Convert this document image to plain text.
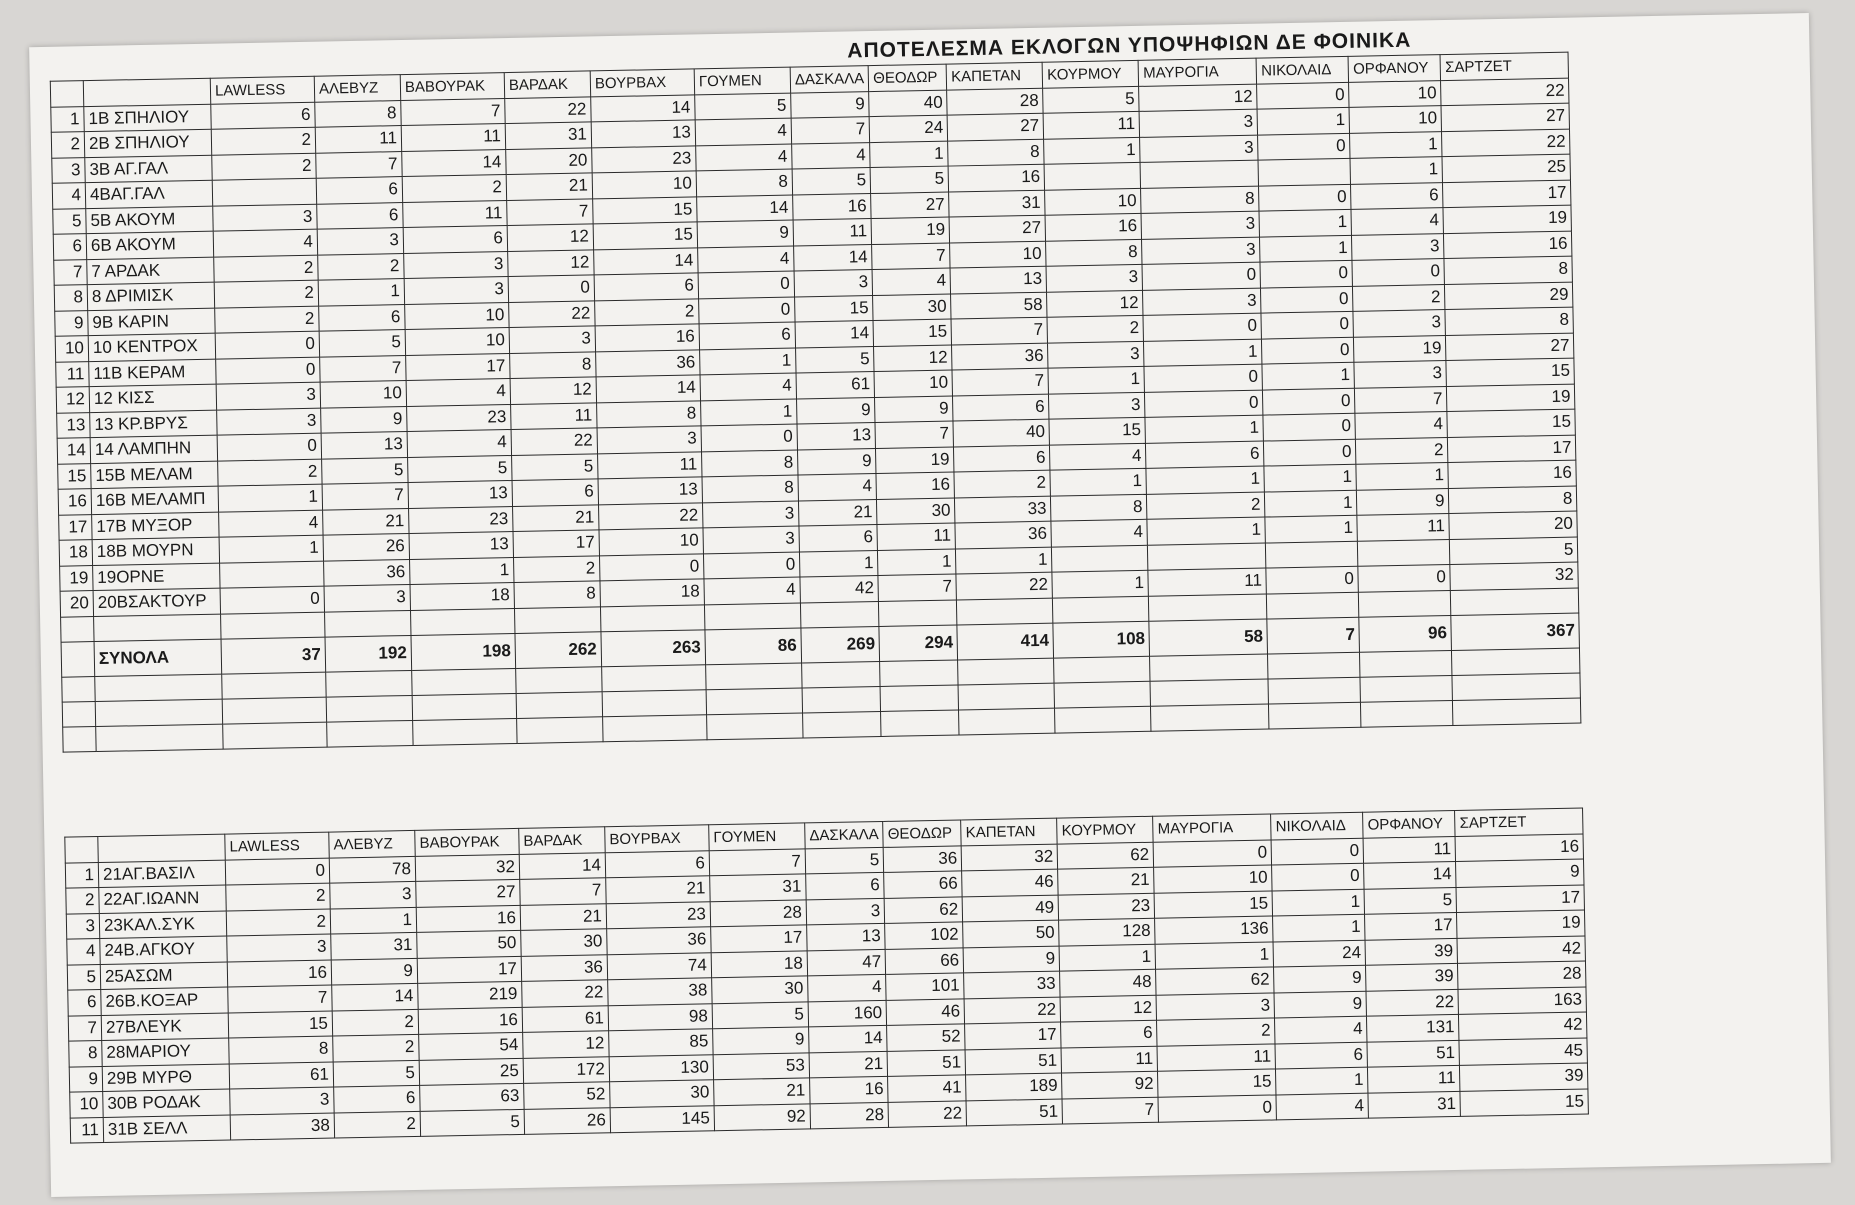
ΑΠΟΤΕΛΕΣΜΑ ΕΚΛΟΓΩΝ ΥΠΟΨΗΦΙΩΝ ΔΕ ΦΟΙΝΙΚΑ
		LAWLESS	ΑΛΕΒΥΖ	ΒΑΒΟΥΡΑΚ	ΒΑΡΔΑΚ	ΒΟΥΡΒΑΧ	ΓΟΥΜΕΝ	ΔΑΣΚΑΛΑ	ΘΕΟΔΩΡ	ΚΑΠΕΤΑΝ	ΚΟΥΡΜΟΥ	ΜΑΥΡΟΓΙΑ	ΝΙΚΟΛΑΙΔ	ΟΡΦΑΝΟΥ	ΣΑΡΤΖΕΤ
1	1Β ΣΠΗΛΙΟΥ	6	8	7	22	14	5	9	40	28	5	12	0	10	22
2	2Β ΣΠΗΛΙΟΥ	2	11	11	31	13	4	7	24	27	11	3	1	10	27
3	3Β ΑΓ.ΓΑΛ	2	7	14	20	23	4	4	1	8	1	3	0	1	22
4	4ΒΑΓ.ΓΑΛ		6	2	21	10	8	5	5	16				1	25
5	5Β ΑΚΟΥΜ	3	6	11	7	15	14	16	27	31	10	8	0	6	17
6	6Β ΑΚΟΥΜ	4	3	6	12	15	9	11	19	27	16	3	1	4	19
7	7 ΑΡΔΑΚ	2	2	3	12	14	4	14	7	10	8	3	1	3	16
8	8 ΔΡΙΜΙΣΚ	2	1	3	0	6	0	3	4	13	3	0	0	0	8
9	9Β ΚΑΡΙΝ	2	6	10	22	2	0	15	30	58	12	3	0	2	29
10	10 ΚΕΝΤΡΟΧ	0	5	10	3	16	6	14	15	7	2	0	0	3	8
11	11Β ΚΕΡΑΜ	0	7	17	8	36	1	5	12	36	3	1	0	19	27
12	12 ΚΙΣΣ	3	10	4	12	14	4	61	10	7	1	0	1	3	15
13	13 ΚΡ.ΒΡΥΣ	3	9	23	11	8	1	9	9	6	3	0	0	7	19
14	14 ΛΑΜΠΗΝ	0	13	4	22	3	0	13	7	40	15	1	0	4	15
15	15Β ΜΕΛΑΜ	2	5	5	5	11	8	9	19	6	4	6	0	2	17
16	16Β ΜΕΛΑΜΠ	1	7	13	6	13	8	4	16	2	1	1	1	1	16
17	17Β ΜΥΞΟΡ	4	21	23	21	22	3	21	30	33	8	2	1	9	8
18	18Β ΜΟΥΡΝ	1	26	13	17	10	3	6	11	36	4	1	1	11	20
19	19ΟΡΝΕ		36	1	2	0	0	1	1	1					5
20	20ΒΣΑΚΤΟΥΡ	0	3	18	8	18	4	42	7	22	1	11	0	0	32

	ΣΥΝΟΛΑ	37	192	198	262	263	86	269	294	414	108	58	7	96	367

		LAWLESS	ΑΛΕΒΥΖ	ΒΑΒΟΥΡΑΚ	ΒΑΡΔΑΚ	ΒΟΥΡΒΑΧ	ΓΟΥΜΕΝ	ΔΑΣΚΑΛΑ	ΘΕΟΔΩΡ	ΚΑΠΕΤΑΝ	ΚΟΥΡΜΟΥ	ΜΑΥΡΟΓΙΑ	ΝΙΚΟΛΑΙΔ	ΟΡΦΑΝΟΥ	ΣΑΡΤΖΕΤ
1	21ΑΓ.ΒΑΣΙΛ	0	78	32	14	6	7	5	36	32	62	0	0	11	16
2	22ΑΓ.ΙΩΑΝΝ	2	3	27	7	21	31	6	66	46	21	10	0	14	9
3	23ΚΑΛ.ΣΥΚ	2	1	16	21	23	28	3	62	49	23	15	1	5	17
4	24Β.ΑΓΚΟΥ	3	31	50	30	36	17	13	102	50	128	136	1	17	19
5	25ΑΣΩΜ	16	9	17	36	74	18	47	66	9	1	1	24	39	42
6	26Β.ΚΟΞΑΡ	7	14	219	22	38	30	4	101	33	48	62	9	39	28
7	27ΒΛΕΥΚ	15	2	16	61	98	5	160	46	22	12	3	9	22	163
8	28ΜΑΡΙΟΥ	8	2	54	12	85	9	14	52	17	6	2	4	131	42
9	29Β ΜΥΡΘ	61	5	25	172	130	53	21	51	51	11	11	6	51	45
10	30Β ΡΟΔΑΚ	3	6	63	52	30	21	16	41	189	92	15	1	11	39
11	31Β ΣΕΛΛ	38	2	5	26	145	92	28	22	51	7	0	4	31	15
